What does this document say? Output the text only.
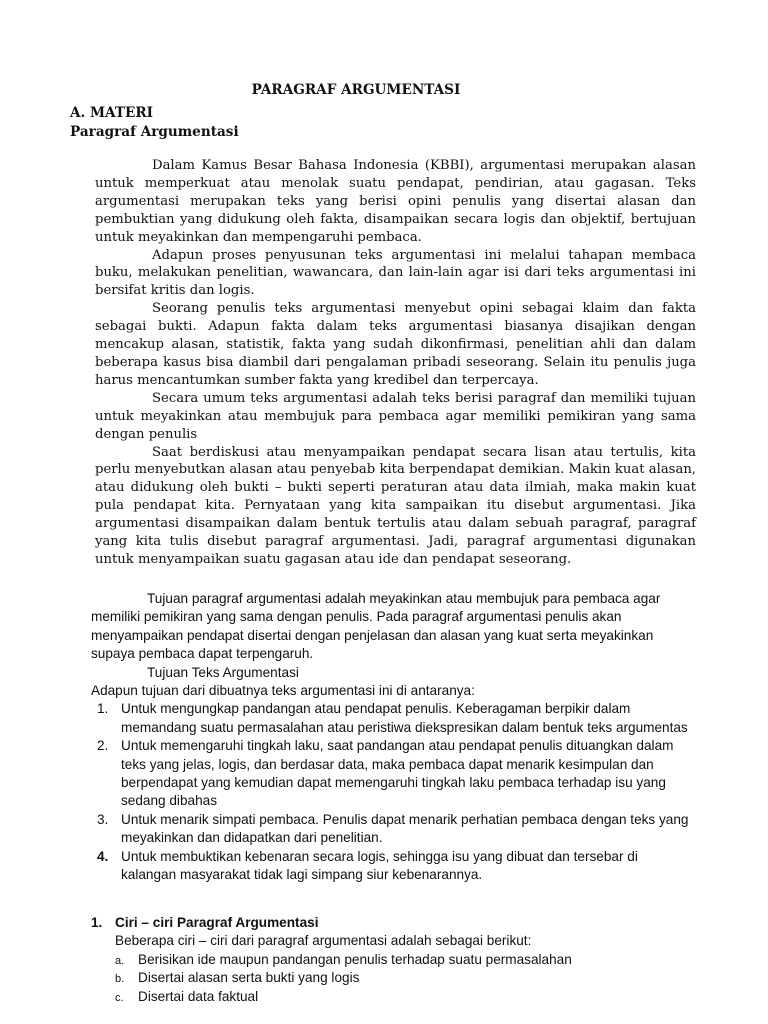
PARAGRAF ARGUMENTASI
A. MATERI
Paragraf Argumentasi

Dalam Kamus Besar Bahasa Indonesia (KBBI), argumentasi merupakan alasan untuk memperkuat atau menolak suatu pendapat, pendirian, atau gagasan. Teks argumentasi merupakan teks yang berisi opini penulis yang disertai alasan dan pembuktian yang didukung oleh fakta, disampaikan secara logis dan objektif, bertujuan untuk meyakinkan dan mempengaruhi pembaca.

Adapun proses penyusunan teks argumentasi ini melalui tahapan membaca buku, melakukan penelitian, wawancara, dan lain-lain agar isi dari teks argumentasi ini bersifat kritis dan logis.

Seorang penulis teks argumentasi menyebut opini sebagai klaim dan fakta sebagai bukti. Adapun fakta dalam teks argumentasi biasanya disajikan dengan mencakup alasan, statistik, fakta yang sudah dikonfirmasi, penelitian ahli dan dalam beberapa kasus bisa diambil dari pengalaman pribadi seseorang. Selain itu penulis juga harus mencantumkan sumber fakta yang kredibel dan terpercaya.

Secara umum teks argumentasi adalah teks berisi paragraf dan memiliki tujuan untuk meyakinkan atau membujuk para pembaca agar memiliki pemikiran yang sama dengan penulis

Saat berdiskusi atau menyampaikan pendapat secara lisan atau tertulis, kita perlu menyebutkan alasan atau penyebab kita berpendapat demikian. Makin kuat alasan, atau didukung oleh bukti – bukti seperti peraturan atau data ilmiah, maka makin kuat pula pendapat kita. Pernyataan yang kita sampaikan itu disebut argumentasi. Jika argumentasi disampaikan dalam bentuk tertulis atau dalam sebuah paragraf, paragraf yang kita tulis disebut paragraf argumentasi. Jadi, paragraf argumentasi digunakan untuk menyampaikan suatu gagasan atau ide dan pendapat seseorang.

Tujuan paragraf argumentasi adalah meyakinkan atau membujuk para pembaca agar memiliki pemikiran yang sama dengan penulis. Pada paragraf argumentasi penulis akan menyampaikan pendapat disertai dengan penjelasan dan alasan yang kuat serta meyakinkan supaya pembaca dapat terpengaruh.

Tujuan Teks Argumentasi

Adapun tujuan dari dibuatnya teks argumentasi ini di antaranya:

1. Untuk mengungkap pandangan atau pendapat penulis. Keberagaman berpikir dalam memandang suatu permasalahan atau peristiwa diekspresikan dalam bentuk teks argumentas
2. Untuk memengaruhi tingkah laku, saat pandangan atau pendapat penulis dituangkan dalam teks yang jelas, logis, dan berdasar data, maka pembaca dapat menarik kesimpulan dan berpendapat yang kemudian dapat memengaruhi tingkah laku pembaca terhadap isu yang sedang dibahas
3. Untuk menarik simpati pembaca. Penulis dapat menarik perhatian pembaca dengan teks yang meyakinkan dan didapatkan dari penelitian.
4. Untuk membuktikan kebenaran secara logis, sehingga isu yang dibuat dan tersebar di kalangan masyarakat tidak lagi simpang siur kebenarannya.
1. Ciri – ciri Paragraf Argumentasi
Beberapa ciri – ciri dari paragraf argumentasi adalah sebagai berikut:
a. Berisikan ide maupun pandangan penulis terhadap suatu permasalahan
b. Disertai alasan serta bukti yang logis
c. Disertai data faktual
